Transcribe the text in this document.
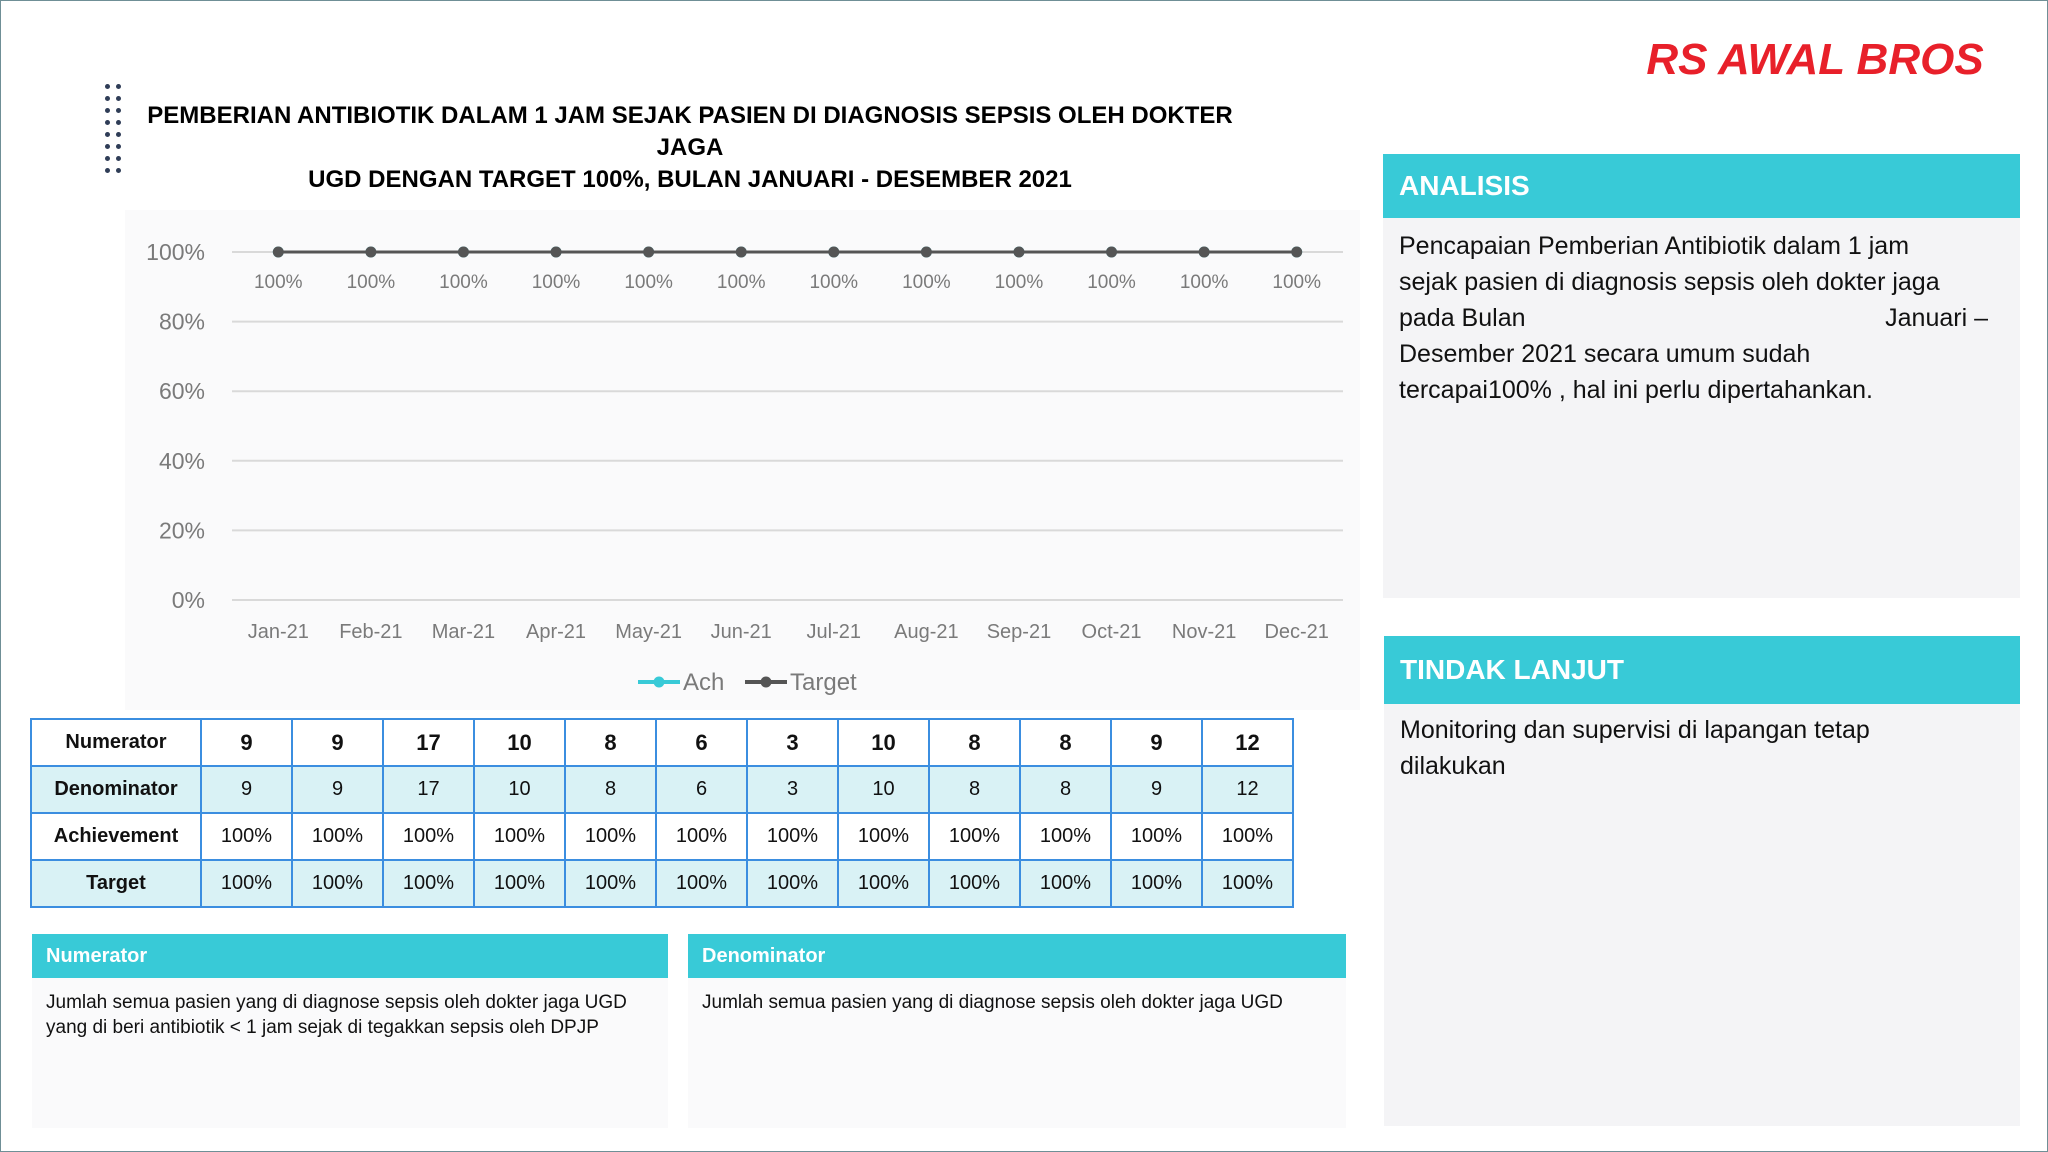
RS AWAL BROS
PEMBERIAN ANTIBIOTIK DALAM 1 JAM SEJAK PASIEN DI DIAGNOSIS SEPSIS OLEH DOKTER JAGA
UGD DENGAN TARGET 100%, BULAN JANUARI - DESEMBER 2021
0%
20%
40%
60%
80%
100%
Jan-21 Feb-21 Mar-21 Apr-21 May-21 Jun-21 Jul-21 Aug-21 Sep-21 Oct-21 Nov-21 Dec-21
100% 100% 100% 100% 100% 100% 100% 100% 100% 100% 100% 100%
Ach	Target
Numerator	9	9	17	10	8	6	3	10	8	8	9	12
Denominator	9	9	17	10	8	6	3	10	8	8	9	12
Achievement	100%	100%	100%	100%	100%	100%	100%	100%	100%	100%	100%	100%
Target	100%	100%	100%	100%	100%	100%	100%	100%	100%	100%	100%	100%
Numerator
Jumlah semua pasien yang di diagnose sepsis oleh dokter jaga UGD yang di beri antibiotik < 1 jam sejak di tegakkan sepsis oleh DPJP
Denominator
Jumlah semua pasien yang di diagnose sepsis oleh dokter jaga UGD
ANALISIS
Pencapaian Pemberian Antibiotik dalam 1 jam
sejak pasien di diagnosis sepsis oleh dokter jaga
pada Bulan	Januari –
Desember 2021 secara umum sudah
tercapai100% , hal ini perlu dipertahankan.
TINDAK LANJUT
Monitoring dan supervisi di lapangan tetap
dilakukan
